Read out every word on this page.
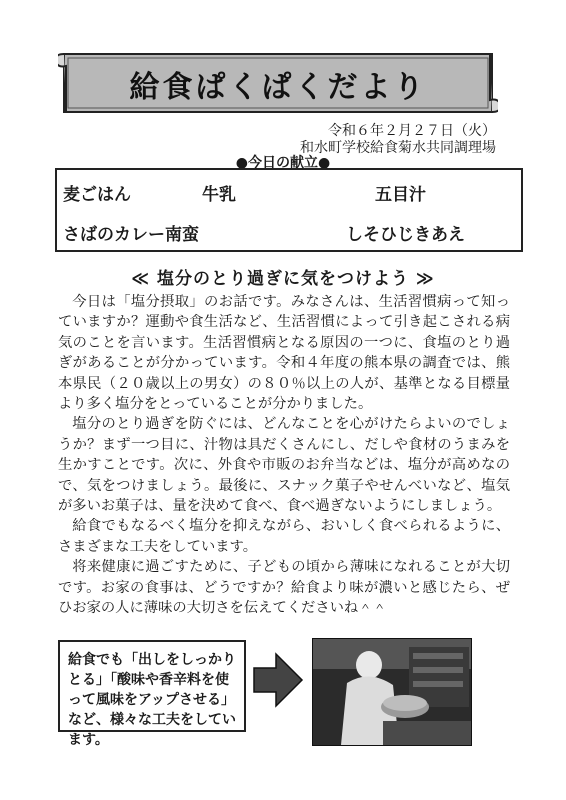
給食ぱくぱくだより
令和６年２月２７日（火）
和水町学校給食菊水共同調理場
●今日の献立●
麦ごはん	牛乳	五目汁
さばのカレー南蛮	しそひじきあえ
≪ 塩分のとり過ぎに気をつけよう ≫

今日は「塩分摂取」のお話です。みなさんは、生活習慣病って知っていますか？運動や食生活など、生活習慣によって引き起こされる病気のことを言います。生活習慣病となる原因の一つに、食塩のとり過ぎがあることが分かっています。令和４年度の熊本県の調査では、熊本県民（２０歳以上の男女）の８０％以上の人が、基準となる目標量より多く塩分をとっていることが分かりました。

塩分のとり過ぎを防ぐには、どんなことを心がけたらよいのでしょうか？まず一つ目に、汁物は具だくさんにし、だしや食材のうまみを生かすことです。次に、外食や市販のお弁当などは、塩分が高めなので、気をつけましょう。最後に、スナック菓子やせんべいなど、塩気が多いお菓子は、量を決めて食べ、食べ過ぎないようにしましょう。

給食でもなるべく塩分を抑えながら、おいしく食べられるように、さまざまな工夫をしています。

将来健康に過ごすために、子どもの頃から薄味になれることが大切です。お家の食事は、どうですか？給食より味が濃いと感じたら、ぜひお家の人に薄味の大切さを伝えてくださいね＾＾

給食でも「出しをしっかりとる」「酸味や香辛料を使って風味をアップさせる」など、様々な工夫をしています。
